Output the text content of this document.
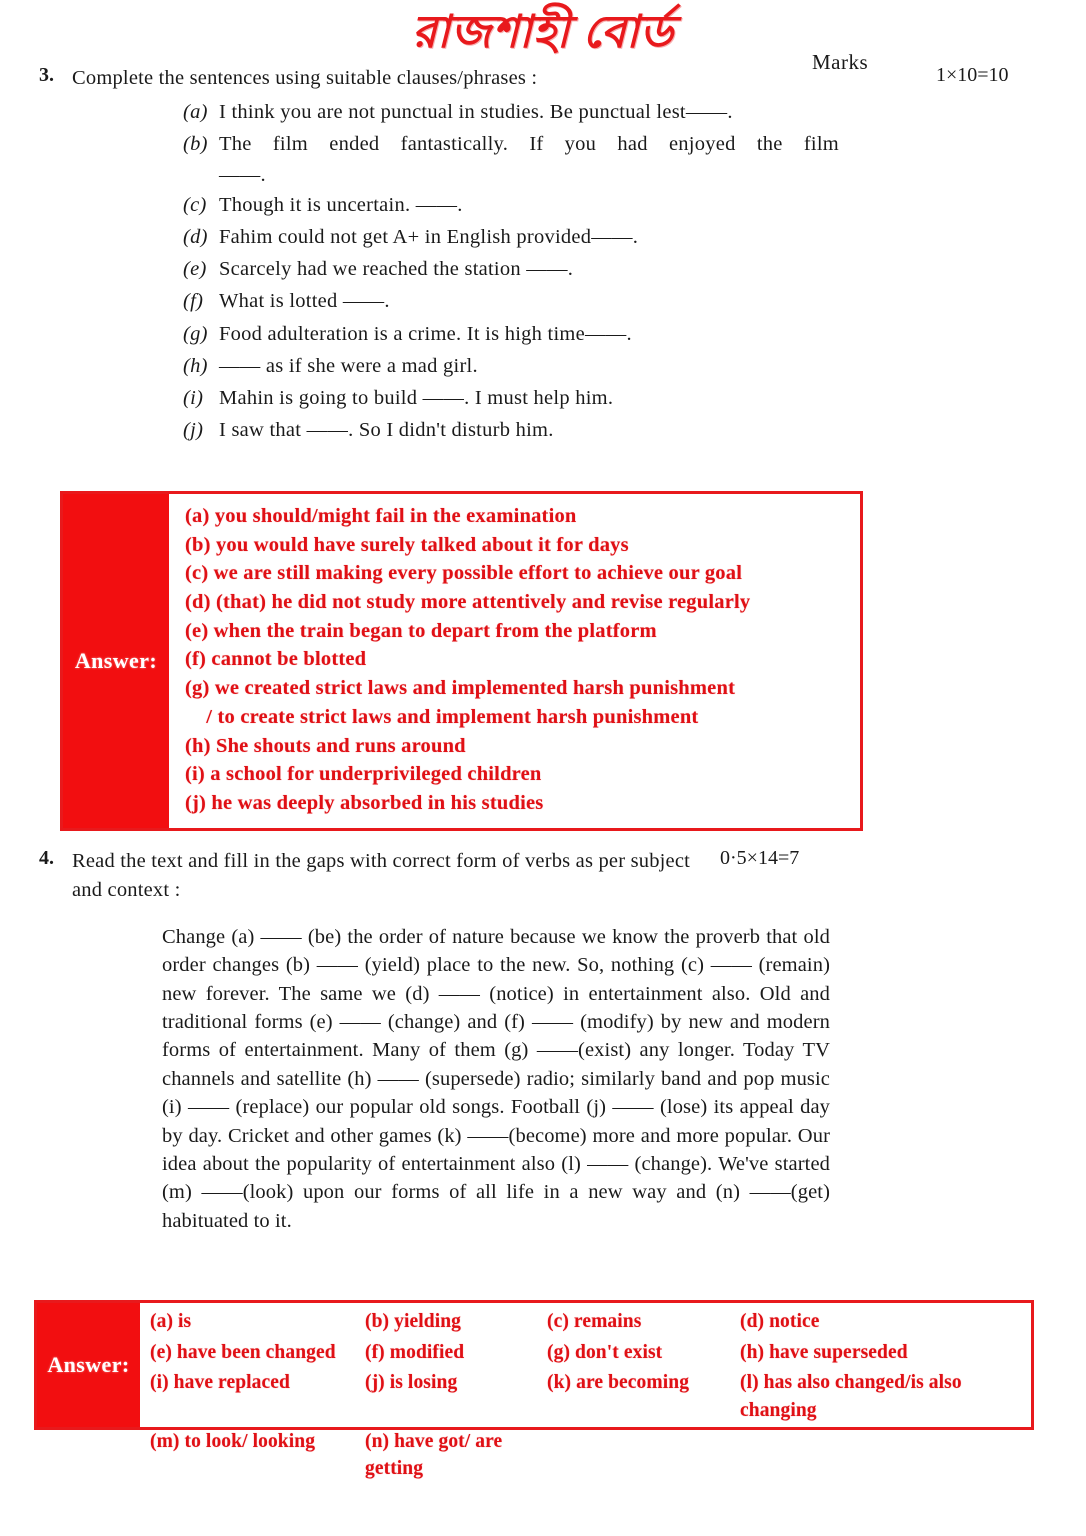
রাজশাহী বোর্ড
Marks
3. Complete the sentences using suitable clauses/phrases :	1×10=10
(a) I think you are not punctual in studies. Be punctual lest——.
(b) The film ended fantastically. If you had enjoyed the film
——.
(c) Though it is uncertain. ——.
(d) Fahim could not get A+ in English provided——.
(e) Scarcely had we reached the station ——.
(f) What is lotted ——.
(g) Food adulteration is a crime. It is high time——.
(h) —— as if she were a mad girl.
(i) Mahin is going to build ——. I must help him.
(j) I saw that ——. So I didn't disturb him.
Answer:
(a) you should/might fail in the examination
(b) you would have surely talked about it for days
(c) we are still making every possible effort to achieve our goal
(d) (that) he did not study more attentively and revise regularly
(e) when the train began to depart from the platform
(f) cannot be blotted
(g) we created strict laws and implemented harsh punishment
/ to create strict laws and implement harsh punishment
(h) She shouts and runs around
(i) a school for underprivileged children
(j) he was deeply absorbed in his studies
4. Read the text and fill in the gaps with correct form of verbs as per subject and context :
0·5×14=7
Change (a) —— (be) the order of nature because we know the proverb that old order changes (b) —— (yield) place to the new. So, nothing (c) —— (remain) new forever. The same we (d) —— (notice) in entertainment also. Old and traditional forms (e) —— (change) and (f) —— (modify) by new and modern forms of entertainment. Many of them (g) ——(exist) any longer. Today TV channels and satellite (h) —— (supersede) radio; similarly band and pop music (i) —— (replace) our popular old songs. Football (j) —— (lose) its appeal day by day. Cricket and other games (k) ——(become) more and more popular. Our idea about the popularity of entertainment also (l) —— (change). We've started (m) ——(look) upon our forms of all life in a new way and (n) ——(get) habituated to it.
Answer:
(a) is	(b) yielding	(c) remains	(d) notice
(e) have been changed	(f) modified	(g) don't exist	(h) have superseded
(i) have replaced	(j) is losing	(k) are becoming	(l) has also changed/is also changing
(m) to look/ looking	(n) have got/ are getting
